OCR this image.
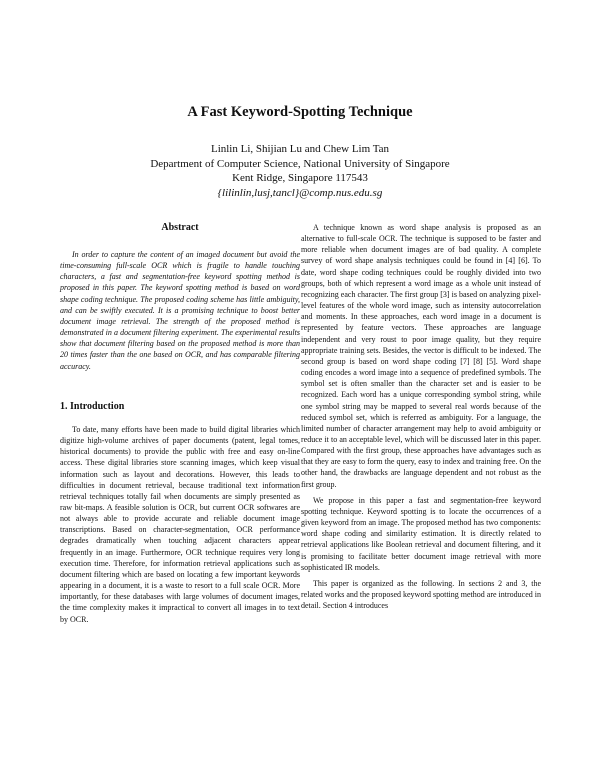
A Fast Keyword-Spotting Technique
Linlin Li, Shijian Lu and Chew Lim Tan
Department of Computer Science, National University of Singapore
Kent Ridge, Singapore 117543
{lilinlin,lusj,tancl}@comp.nus.edu.sg
Abstract

In order to capture the content of an imaged document but avoid the time-consuming full-scale OCR which is fragile to handle touching characters, a fast and segmentation-free keyword spotting method is proposed in this paper. The keyword spotting method is based on word shape coding technique. The proposed coding scheme has little ambiguity, and can be swiftly executed. It is a promising technique to boost better document image retrieval. The strength of the proposed method is demonstrated in a document filtering experiment. The experimental results show that document filtering based on the proposed method is more than 20 times faster than the one based on OCR, and has comparable filtering accuracy.

1. Introduction

To date, many efforts have been made to build digital libraries which digitize high-volume archives of paper documents (patent, legal tomes, historical documents) to provide the public with free and easy on-line access. These digital libraries store scanning images, which keep visual information such as layout and decorations. However, this leads to difficulties in document retrieval, because traditional text information retrieval techniques totally fail when documents are simply presented as raw bit-maps. A feasible solution is OCR, but current OCR softwares are not always able to provide accurate and reliable document image transcriptions. Based on character-segmentation, OCR performance degrades dramatically when touching adjacent characters appear frequently in an image. Furthermore, OCR technique requires very long execution time. Therefore, for information retrieval applications such as document filtering which are based on locating a few important keywords appearing in a document, it is a waste to resort to a full scale OCR. More importantly, for these databases with large volumes of document images, the time complexity makes it impractical to convert all images in to text by OCR.

A technique known as word shape analysis is proposed as an alternative to full-scale OCR. The technique is supposed to be faster and more reliable when document images are of bad quality. A complete survey of word shape analysis techniques could be found in [4] [6]. To date, word shape coding techniques could be roughly divided into two groups, both of which represent a word image as a whole unit instead of recognizing each character. The first group [3] is based on analyzing pixel-level features of the whole word image, such as intensity autocorrelation and moments. In these approaches, each word image in a document is represented by feature vectors. These approaches are language independent and very roust to poor image quality, but they require appropriate training sets. Besides, the vector is difficult to be indexed. The second group is based on word shape coding [7] [8] [5]. Word shape coding encodes a word image into a sequence of predefined symbols. The symbol set is often smaller than the character set and is easier to be recognized. Each word has a unique corresponding symbol string, while one symbol string may be mapped to several real words because of the reduced symbol set, which is referred as ambiguity. For a language, the limited number of character arrangement may help to avoid ambiguity or reduce it to an acceptable level, which will be discussed later in this paper. Compared with the first group, these approaches have advantages such as that they are easy to form the query, easy to index and training free. On the other hand, the drawbacks are language dependent and not robust as the first group.

We propose in this paper a fast and segmentation-free keyword spotting technique. Keyword spotting is to locate the occurrences of a given keyword from an image. The proposed method has two components: word shape coding and similarity estimation. It is directly related to retrieval applications like Boolean retrieval and document filtering, and it is promising to facilitate better document image retrieval with more sophisticated IR models.

This paper is organized as the following. In sections 2 and 3, the related works and the proposed keyword spotting method are introduced in detail. Section 4 introduces
